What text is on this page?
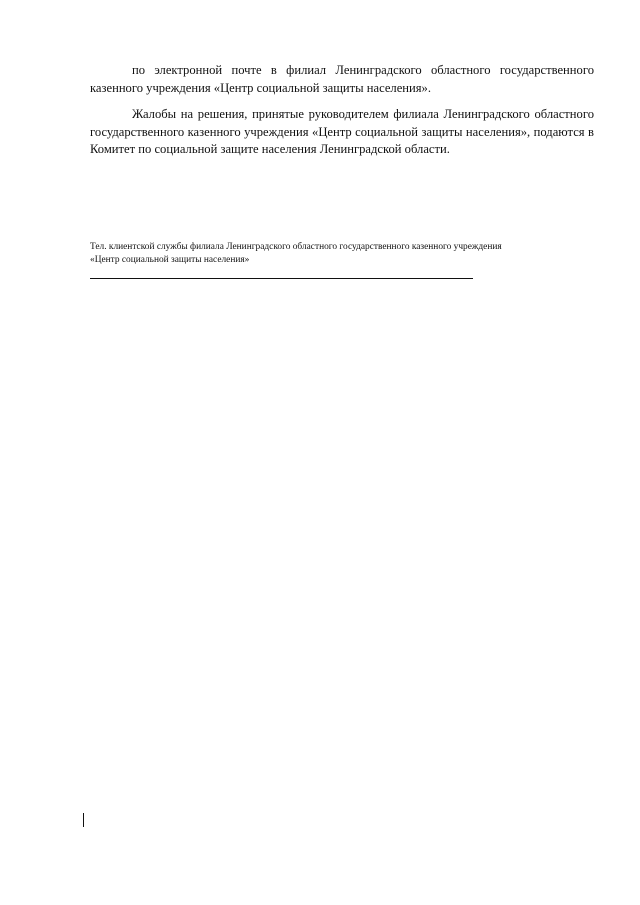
по электронной почте в филиал Ленинградского областного государственного казенного учреждения «Центр социальной защиты населения».

Жалобы на решения, принятые руководителем филиала Ленинградского областного государственного казенного учреждения «Центр социальной защиты населения», подаются в Комитет по социальной защите населения Ленинградской области.

Тел. клиентской службы филиала Ленинградского областного государственного казенного учреждения
«Центр социальной защиты населения»
